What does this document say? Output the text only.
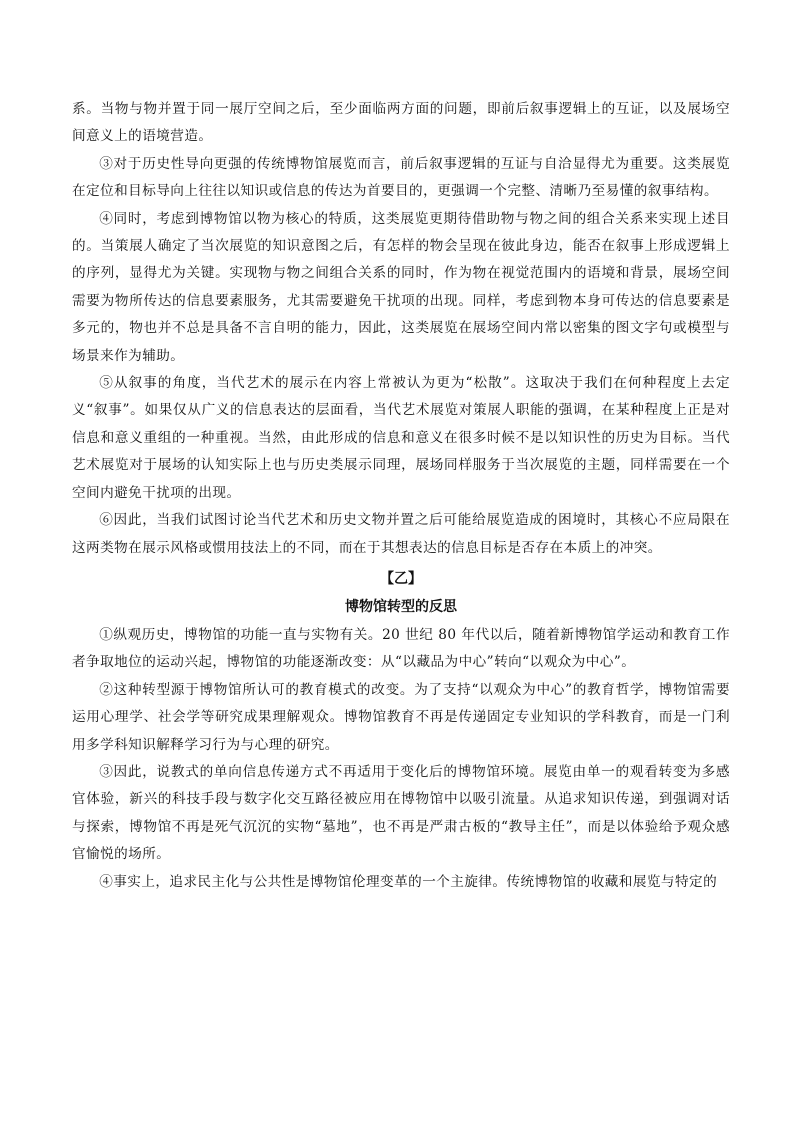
系。当物与物并置于同一展厅空间之后，至少面临两方面的问题，即前后叙事逻辑上的互证，以及展场空间意义上的语境营造。

③对于历史性导向更强的传统博物馆展览而言，前后叙事逻辑的互证与自洽显得尤为重要。这类展览在定位和目标导向上往往以知识或信息的传达为首要目的，更强调一个完整、清晰乃至易懂的叙事结构。

④同时，考虑到博物馆以物为核心的特质，这类展览更期待借助物与物之间的组合关系来实现上述目的。当策展人确定了当次展览的知识意图之后，有怎样的物会呈现在彼此身边，能否在叙事上形成逻辑上的序列，显得尤为关键。实现物与物之间组合关系的同时，作为物在视觉范围内的语境和背景，展场空间需要为物所传达的信息要素服务，尤其需要避免干扰项的出现。同样，考虑到物本身可传达的信息要素是多元的，物也并不总是具备不言自明的能力，因此，这类展览在展场空间内常以密集的图文字句或模型与场景来作为辅助。

⑤从叙事的角度，当代艺术的展示在内容上常被认为更为“松散”。这取决于我们在何种程度上去定义“叙事”。如果仅从广义的信息表达的层面看，当代艺术展览对策展人职能的强调，在某种程度上正是对信息和意义重组的一种重视。当然，由此形成的信息和意义在很多时候不是以知识性的历史为目标。当代艺术展览对于展场的认知实际上也与历史类展示同理，展场同样服务于当次展览的主题，同样需要在一个空间内避免干扰项的出现。

⑥因此，当我们试图讨论当代艺术和历史文物并置之后可能给展览造成的困境时，其核心不应局限在这两类物在展示风格或惯用技法上的不同，而在于其想表达的信息目标是否存在本质上的冲突。

【乙】
博物馆转型的反思

①纵观历史，博物馆的功能一直与实物有关。20 世纪 80 年代以后，随着新博物馆学运动和教育工作者争取地位的运动兴起，博物馆的功能逐渐改变：从“以藏品为中心”转向“以观众为中心”。

②这种转型源于博物馆所认可的教育模式的改变。为了支持“以观众为中心”的教育哲学，博物馆需要运用心理学、社会学等研究成果理解观众。博物馆教育不再是传递固定专业知识的学科教育，而是一门利用多学科知识解释学习行为与心理的研究。

③因此，说教式的单向信息传递方式不再适用于变化后的博物馆环境。展览由单一的观看转变为多感官体验，新兴的科技手段与数字化交互路径被应用在博物馆中以吸引流量。从追求知识传递，到强调对话与探索，博物馆不再是死气沉沉的实物“墓地”，也不再是严肃古板的“教导主任”，而是以体验给予观众感官愉悦的场所。

④事实上，追求民主化与公共性是博物馆伦理变革的一个主旋律。传统博物馆的收藏和展览与特定的
